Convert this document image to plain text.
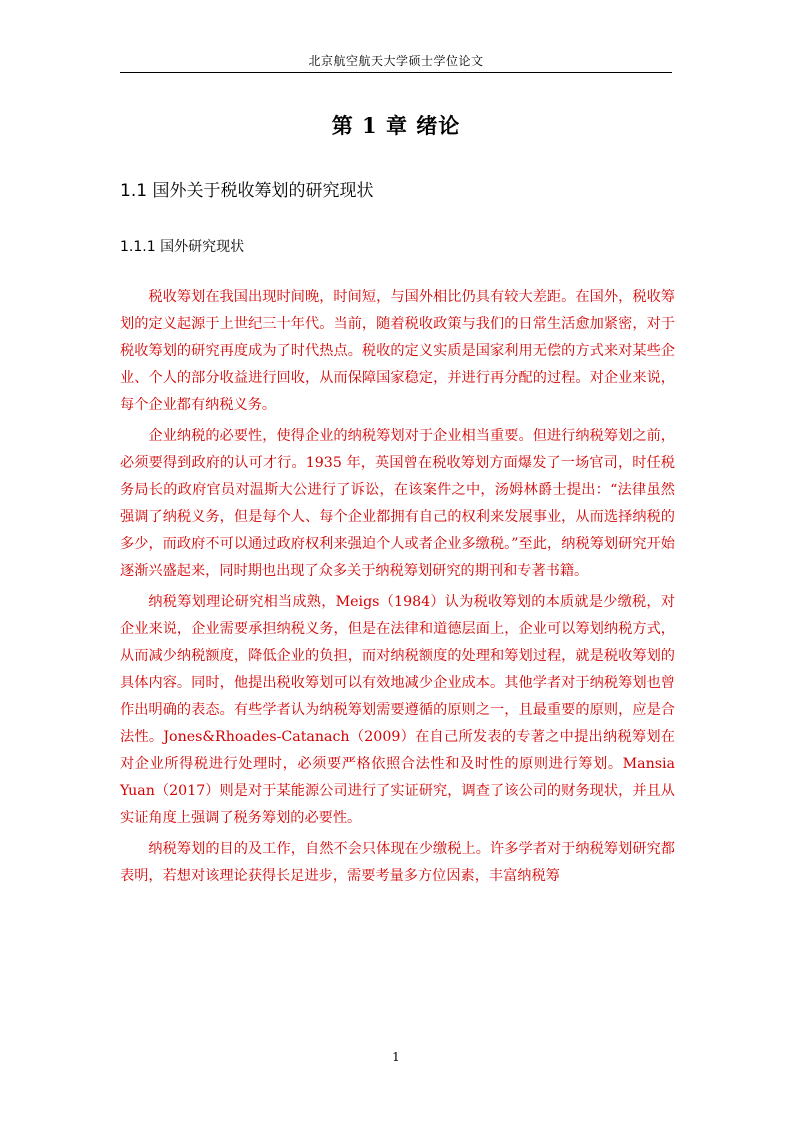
北京航空航天大学硕士学位论文
第 1 章 绪论
1.1 国外关于税收筹划的研究现状
1.1.1 国外研究现状

税收筹划在我国出现时间晚，时间短，与国外相比仍具有较大差距。在国外，税收筹划的定义起源于上世纪三十年代。当前，随着税收政策与我们的日常生活愈加紧密，对于税收筹划的研究再度成为了时代热点。税收的定义实质是国家利用无偿的方式来对某些企业、个人的部分收益进行回收，从而保障国家稳定，并进行再分配的过程。对企业来说，每个企业都有纳税义务。

企业纳税的必要性，使得企业的纳税筹划对于企业相当重要。但进行纳税筹划之前，必须要得到政府的认可才行。1935 年，英国曾在税收筹划方面爆发了一场官司，时任税务局长的政府官员对温斯大公进行了诉讼，在该案件之中，汤姆林爵士提出：“法律虽然强调了纳税义务，但是每个人、每个企业都拥有自己的权利来发展事业，从而选择纳税的多少，而政府不可以通过政府权利来强迫个人或者企业多缴税。”至此，纳税筹划研究开始逐渐兴盛起来，同时期也出现了众多关于纳税筹划研究的期刊和专著书籍。

纳税筹划理论研究相当成熟，Meigs（1984）认为税收筹划的本质就是少缴税，对企业来说，企业需要承担纳税义务，但是在法律和道德层面上，企业可以筹划纳税方式，从而减少纳税额度，降低企业的负担，而对纳税额度的处理和筹划过程，就是税收筹划的具体内容。同时，他提出税收筹划可以有效地减少企业成本。其他学者对于纳税筹划也曾作出明确的表态。有些学者认为纳税筹划需要遵循的原则之一，且最重要的原则，应是合法性。Jones&Rhoades-Catanach（2009）在自己所发表的专著之中提出纳税筹划在对企业所得税进行处理时，必须要严格依照合法性和及时性的原则进行筹划。Mansia Yuan（2017）则是对于某能源公司进行了实证研究，调查了该公司的财务现状，并且从实证角度上强调了税务筹划的必要性。

纳税筹划的目的及工作，自然不会只体现在少缴税上。许多学者对于纳税筹划研究都表明，若想对该理论获得长足进步，需要考量多方位因素，丰富纳税筹

1
